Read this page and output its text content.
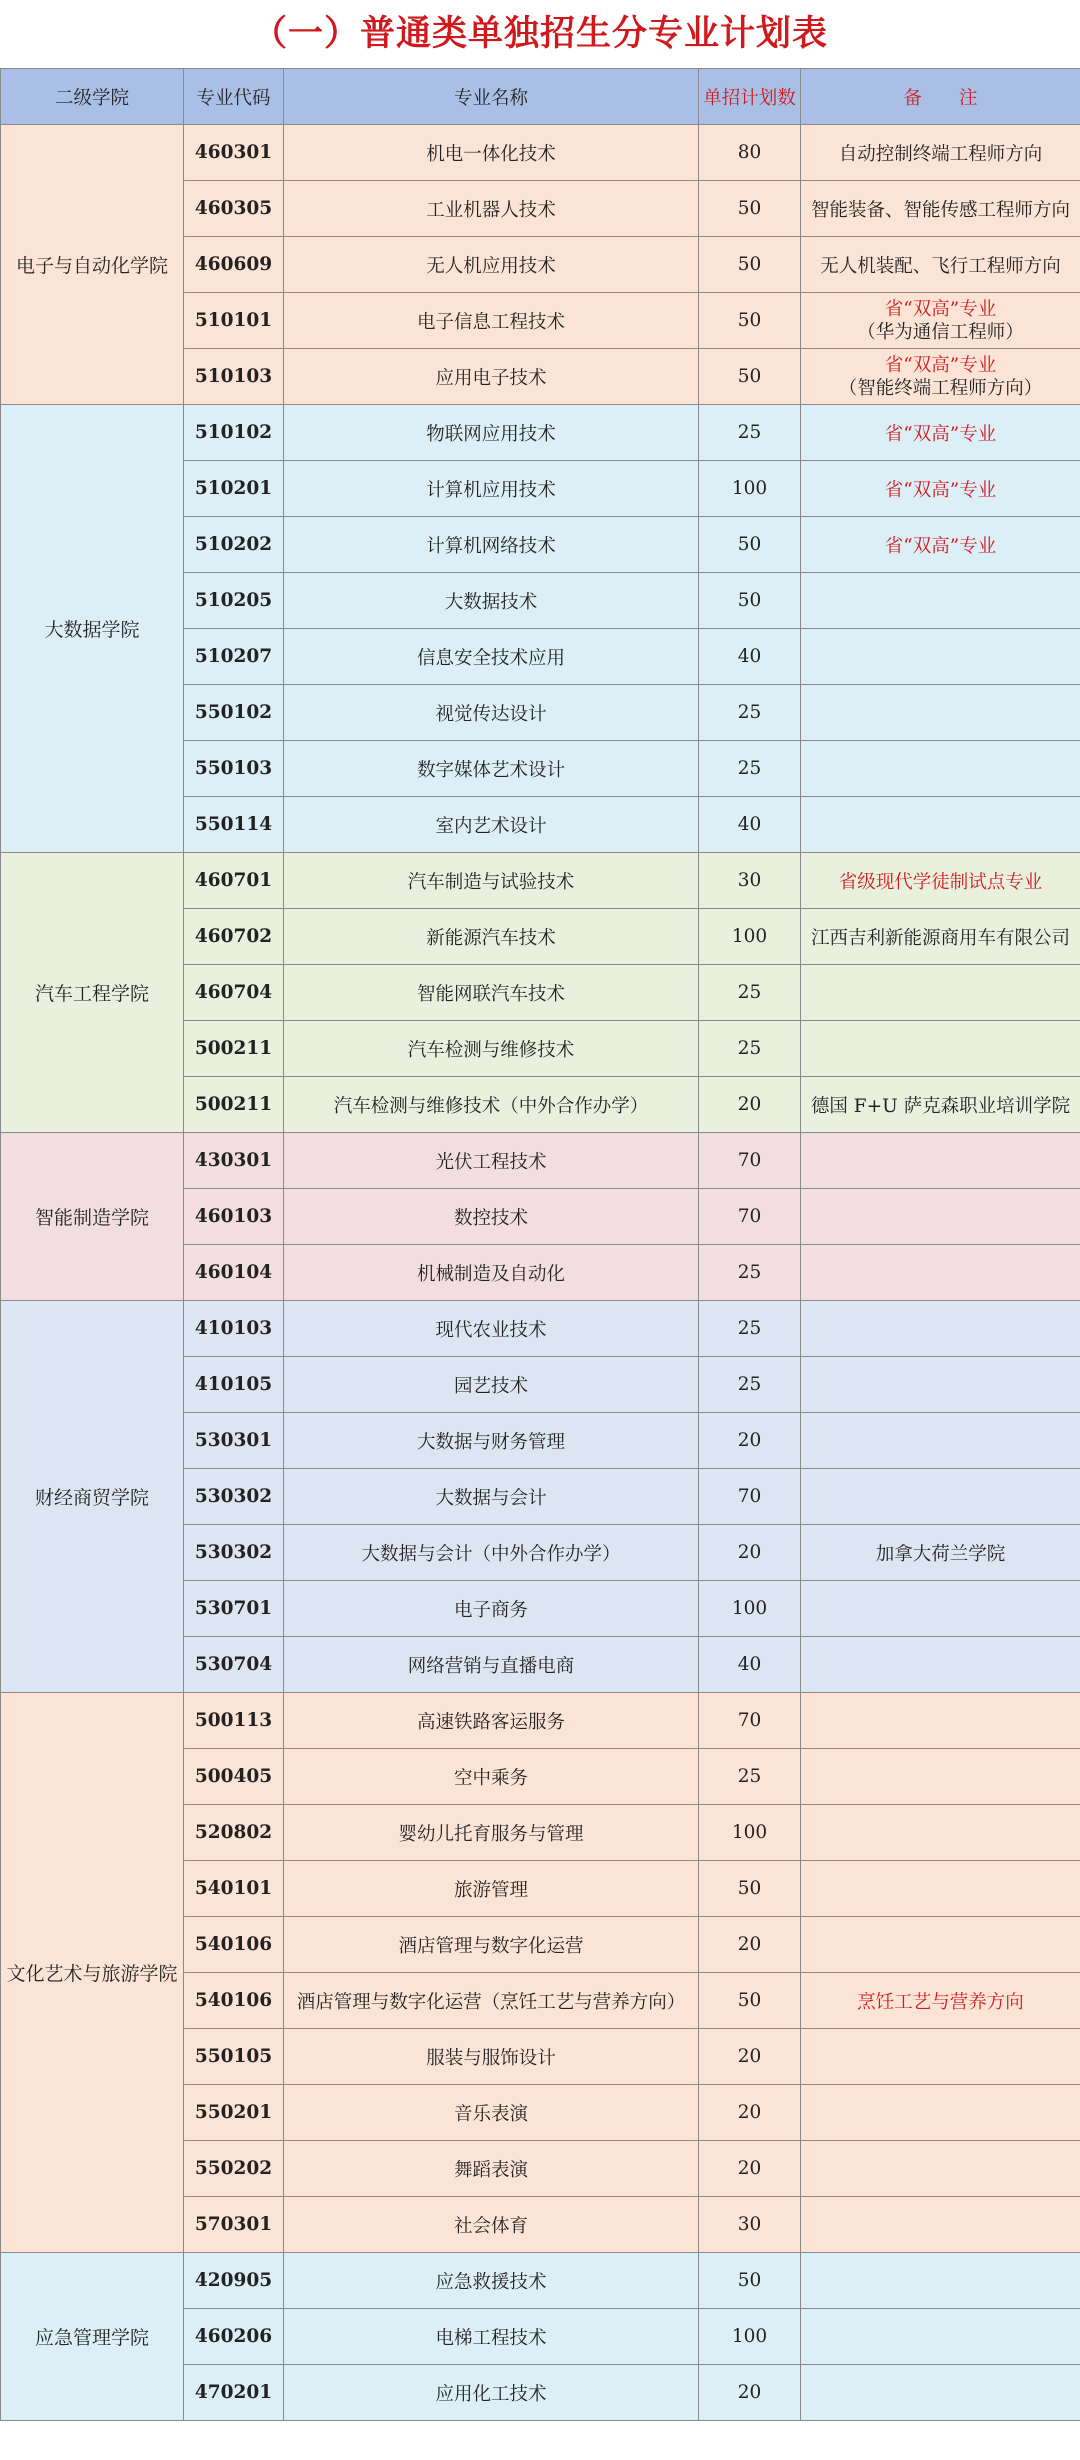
（一）普通类单独招生分专业计划表
二级学院	专业代码	专业名称	单招计划数	备　　注
电子与自动化学院	460301	机电一体化技术	80	自动控制终端工程师方向
	460305	工业机器人技术	50	智能装备、智能传感工程师方向
	460609	无人机应用技术	50	无人机装配、飞行工程师方向
	510101	电子信息工程技术	50	省“双高”专业
（华为通信工程师）

	510103	应用电子技术	50	省“双高”专业
（智能终端工程师方向）

大数据学院	510102	物联网应用技术	25	省“双高”专业
	510201	计算机应用技术	100	省“双高”专业
	510202	计算机网络技术	50	省“双高”专业
	510205	大数据技术	50	
	510207	信息安全技术应用	40	
	550102	视觉传达设计	25	
	550103	数字媒体艺术设计	25	
	550114	室内艺术设计	40	
汽车工程学院	460701	汽车制造与试验技术	30	省级现代学徒制试点专业
	460702	新能源汽车技术	100	江西吉利新能源商用车有限公司
	460704	智能网联汽车技术	25	
	500211	汽车检测与维修技术	25	
	500211	汽车检测与维修技术（中外合作办学）	20	德国 F+U 萨克森职业培训学院
智能制造学院	430301	光伏工程技术	70	
	460103	数控技术	70	
	460104	机械制造及自动化	25	
财经商贸学院	410103	现代农业技术	25	
	410105	园艺技术	25	
	530301	大数据与财务管理	20	
	530302	大数据与会计	70	
	530302	大数据与会计（中外合作办学）	20	加拿大荷兰学院
	530701	电子商务	100	
	530704	网络营销与直播电商	40	
文化艺术与旅游学院	500113	高速铁路客运服务	70	
	500405	空中乘务	25	
	520802	婴幼儿托育服务与管理	100	
	540101	旅游管理	50	
	540106	酒店管理与数字化运营	20	
	540106	酒店管理与数字化运营（烹饪工艺与营养方向）	50	烹饪工艺与营养方向
	550105	服装与服饰设计	20	
	550201	音乐表演	20	
	550202	舞蹈表演	20	
	570301	社会体育	30	
应急管理学院	420905	应急救援技术	50	
	460206	电梯工程技术	100	
	470201	应用化工技术	20	
